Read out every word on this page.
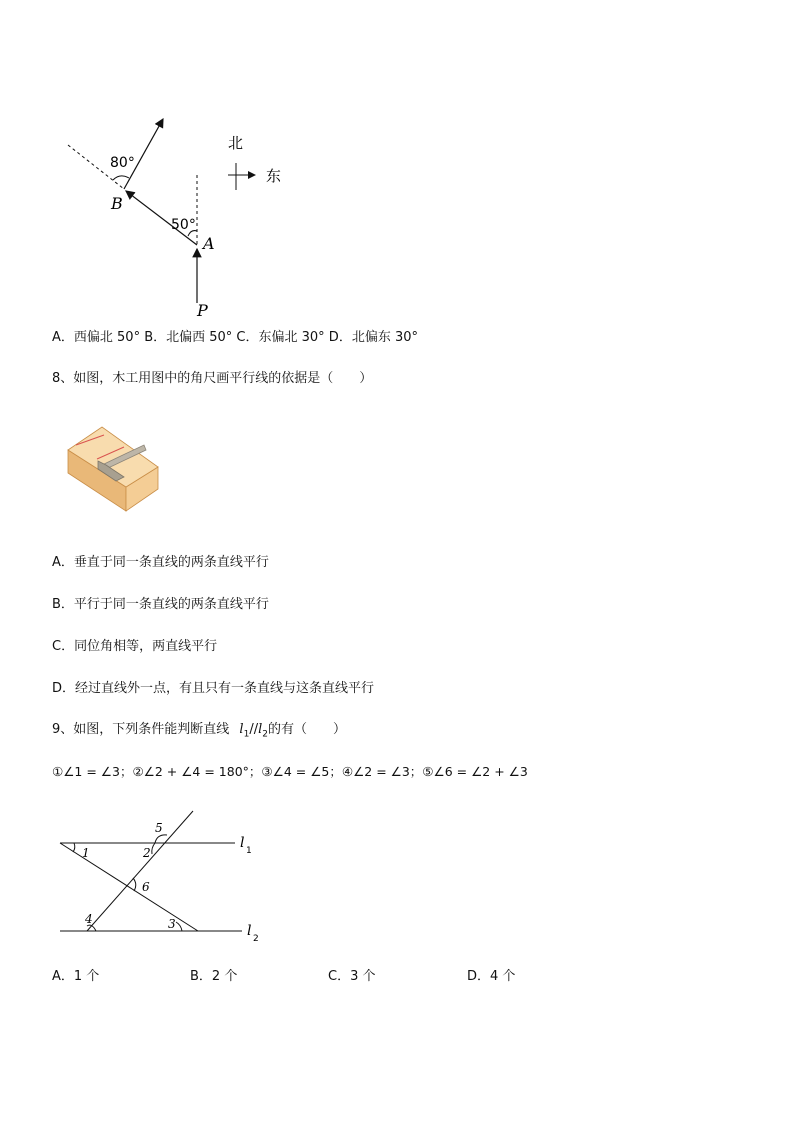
80°
50°
B
A
P
北
东
A．西偏北 50° B．北偏西 50° C．东偏北 30° D．北偏东 30°
8、如图，木工用图中的角尺画平行线的依据是（　　）
A．垂直于同一条直线的两条直线平行
B．平行于同一条直线的两条直线平行
C．同位角相等，两直线平行
D．经过直线外一点，有且只有一条直线与这条直线平行
9、如图，下列条件能判断直线 $l_1//l_2$的有（　　）
①∠1 = ∠3；②∠2 + ∠4 = 180°；③∠4 = ∠5；④∠2 = ∠3；⑤∠6 = ∠2 + ∠3
1	2
3
4
5
6
l 1
l 2
A．1 个	B．2 个	C．3 个	D．4 个
